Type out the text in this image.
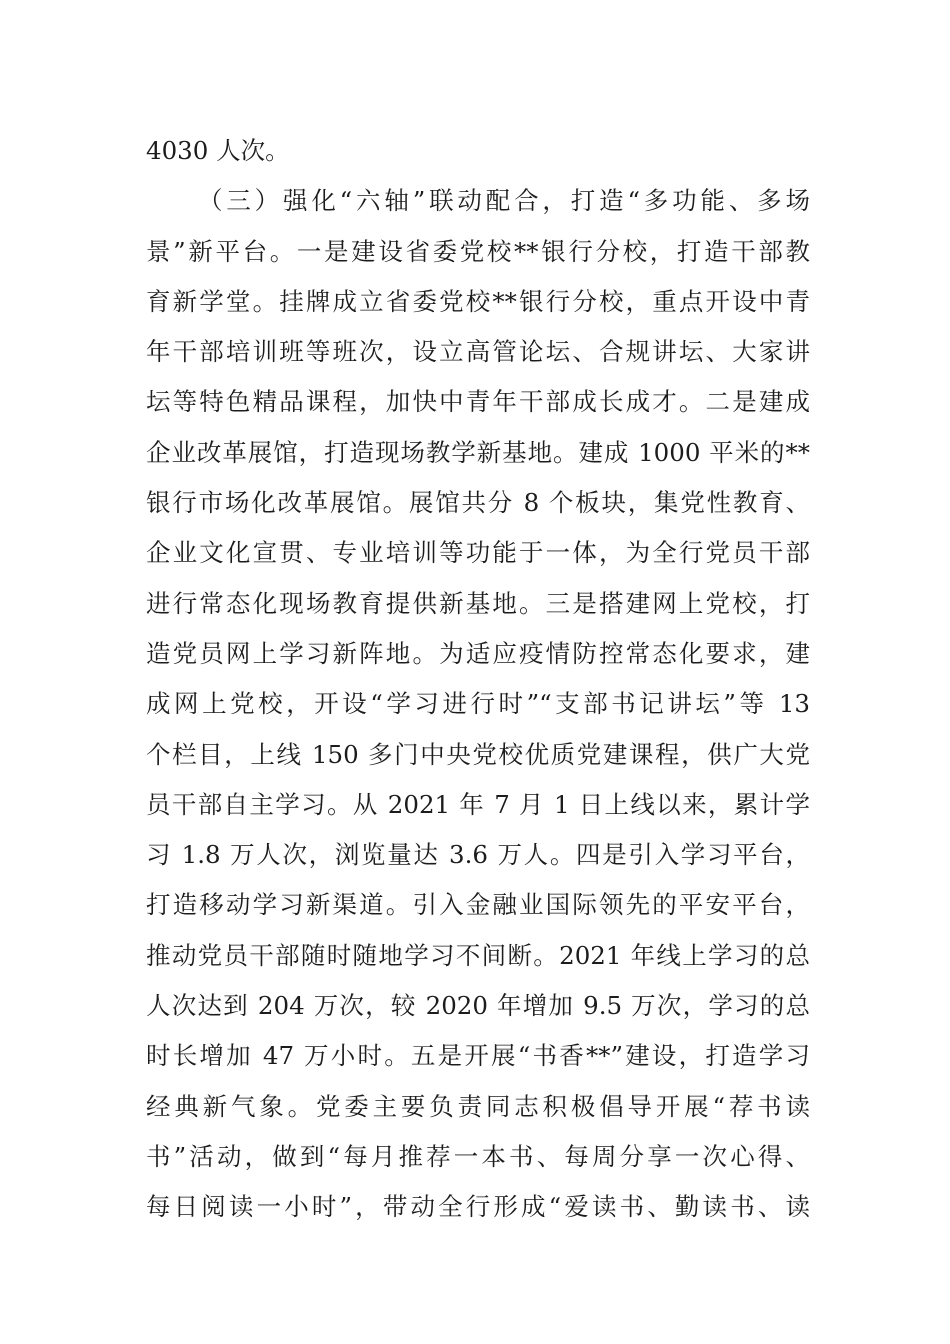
4030 人次。
（三）强化“六轴”联动配合，打造“多功能、多场
景”新平台。一是建设省委党校**银行分校，打造干部教
育新学堂。挂牌成立省委党校**银行分校，重点开设中青
年干部培训班等班次，设立高管论坛、合规讲坛、大家讲
坛等特色精品课程，加快中青年干部成长成才。二是建成
企业改革展馆，打造现场教学新基地。建成 1000 平米的**
银行市场化改革展馆。展馆共分 8 个板块，集党性教育、
企业文化宣贯、专业培训等功能于一体，为全行党员干部
进行常态化现场教育提供新基地。三是搭建网上党校，打
造党员网上学习新阵地。为适应疫情防控常态化要求，建
成网上党校，开设“学习进行时”“支部书记讲坛”等 13
个栏目，上线 150 多门中央党校优质党建课程，供广大党
员干部自主学习。从 2021 年 7 月 1 日上线以来，累计学
习 1.8 万人次，浏览量达 3.6 万人。四是引入学习平台，
打造移动学习新渠道。引入金融业国际领先的平安平台，
推动党员干部随时随地学习不间断。2021 年线上学习的总
人次达到 204 万次，较 2020 年增加 9.5 万次，学习的总
时长增加 47 万小时。五是开展“书香**”建设，打造学习
经典新气象。党委主要负责同志积极倡导开展“荐书读
书”活动，做到“每月推荐一本书、每周分享一次心得、
每日阅读一小时”，带动全行形成“爱读书、勤读书、读
